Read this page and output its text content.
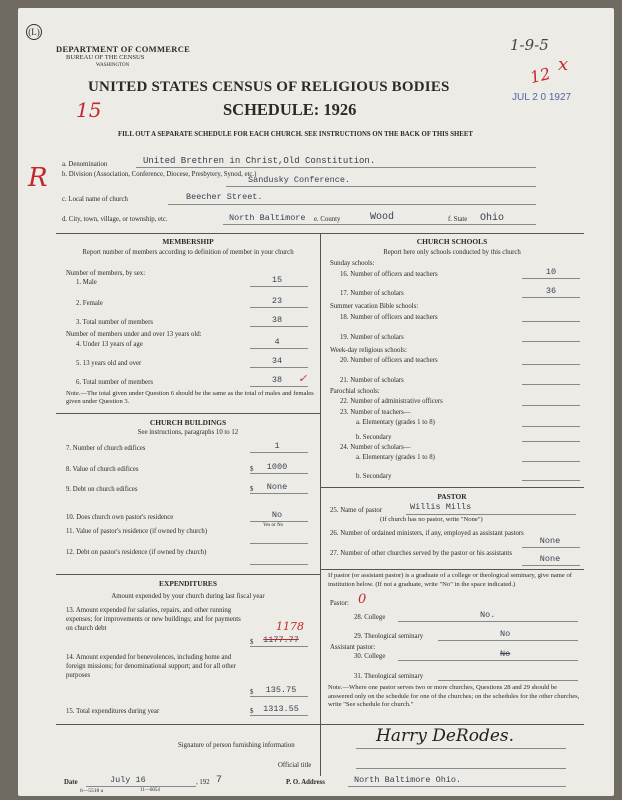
(L)
DEPARTMENT OF COMMERCE
BUREAU OF THE CENSUS
WASHINGTON
UNITED STATES CENSUS OF RELIGIOUS BODIES
SCHEDULE: 1926
JUL 2 0 1927
FILL OUT A SEPARATE SCHEDULE FOR EACH CHURCH. SEE INSTRUCTIONS ON THE BACK OF THIS SHEET
1-9-5
12 x
15
R a. Denomination	United Brethren in Christ,Old Constitution.
b. Division (Association, Conference, Diocese, Presbytery, Synod, etc.)
Sandusky Conference.
c. Local name of church	Beecher Street.
d. City, town, village, or township, etc.	North Baltimore e. County	Wood	f. State Ohio
MEMBERSHIP
Report number of members according to definition of member in your church
Number of members, by sex:
1. Male	15
2. Female	23
3. Total number of members	38
Number of members under and over 13 years old:
4. Under 13 years of age	4
5. 13 years old and over	34
6. Total number of members	38	✓
Note.—The total given under Question 6 should be the same as the total of males and females given under Question 3.
CHURCH BUILDINGS
See instructions, paragraphs 10 to 12
7. Number of church edifices	1
8. Value of church edifices	$	1000
9. Debt on church edifices	$	None
10. Does church own pastor's residence	No
Yes or No
11. Value of pastor's residence (if owned by church)
12. Debt on pastor's residence (if owned by church)
EXPENDITURES
Amount expended by your church during last fiscal year
13. Amount expended for salaries, repairs, and other running expenses; for improvements or new buildings; and for payments on church debt	1178
$	1177.77
14. Amount expended for benevolences, including home and foreign missions; for denominational support; and for all other purposes
$	135.75
15. Total expenditures during year	$	1313.55
CHURCH SCHOOLS
Report here only schools conducted by this church
Sunday schools:
16. Number of officers and teachers	10
17. Number of scholars	36
Summer vacation Bible schools:
18. Number of officers and teachers
19. Number of scholars
Week-day religious schools:
20. Number of officers and teachers
21. Number of scholars
Parochial schools:
22. Number of administrative officers
23. Number of teachers—
a. Elementary (grades 1 to 8)
b. Secondary
24. Number of scholars—
a. Elementary (grades 1 to 8)
b. Secondary
PASTOR
25. Name of pastor	Willis Mills
(If church has no pastor, write "None")
26. Number of ordained ministers, if any, employed as assistant pastors
None
27. Number of other churches served by the pastor or his assistants
None
If pastor (or assistant pastor) is a graduate of a college or theological seminary, give name of institution below. (If not a graduate, write "No" in the space indicated.)
Pastor: 0
28. College	No.
29. Theological seminary	No
Assistant pastor:
30. College	No
31. Theological seminary
Note.—Where one pastor serves two or more churches, Questions 28 and 29 should be answered only on the schedule for one of the churches; on the schedules for the other churches, write "See schedule for church."
Signature of person furnishing information	Harry DeRodes.
Official title
Date	July 16	, 192 7	P. O. Address	North Baltimore Ohio.
6—5518 a	11—6054
